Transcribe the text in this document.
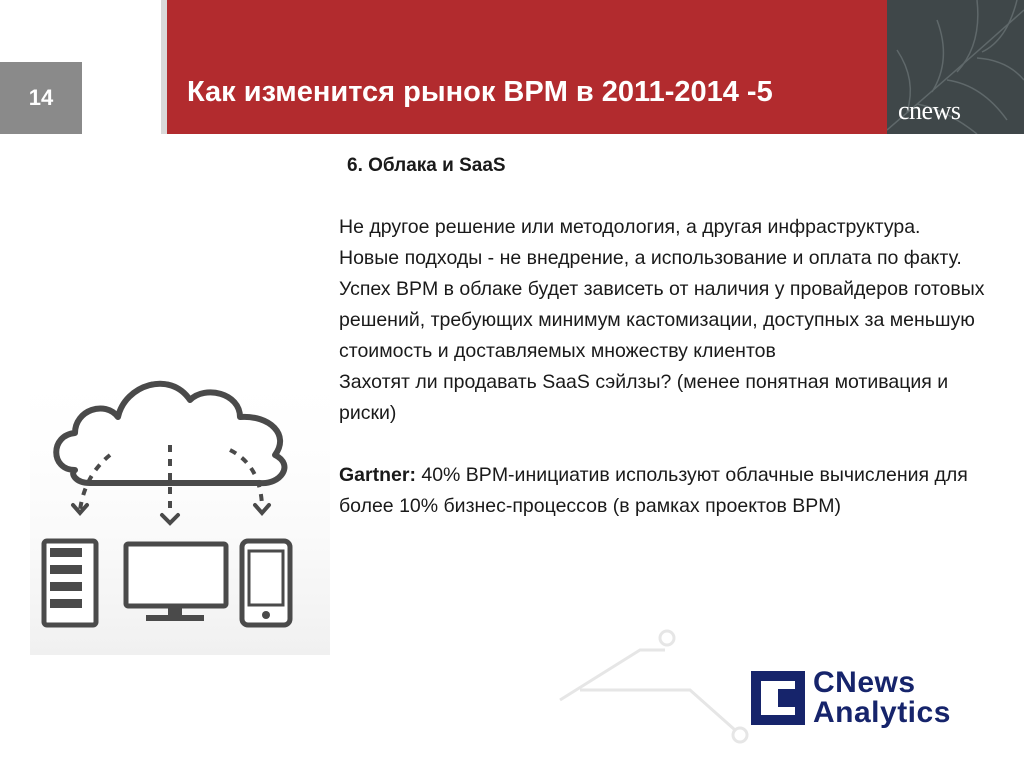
14	Как изменится рынок BPM в 2011-2014 -5
cnews
6. Облака и SaaS

Не другое решение или методология, а другая инфраструктура.

Новые подходы - не внедрение, а использование и оплата по факту.

Успех BPM в облаке будет зависеть от наличия у провайдеров готовых решений, требующих минимум кастомизации, доступных за меньшую стоимость и доставляемых множеству клиентов

Захотят ли продавать SaaS сэйлзы? (менее понятная мотивация и риски)

Gartner: 40% BPM-инициатив используют облачные вычисления для более 10% бизнес-процессов (в рамках проектов BPM)

CNews
Analytics
